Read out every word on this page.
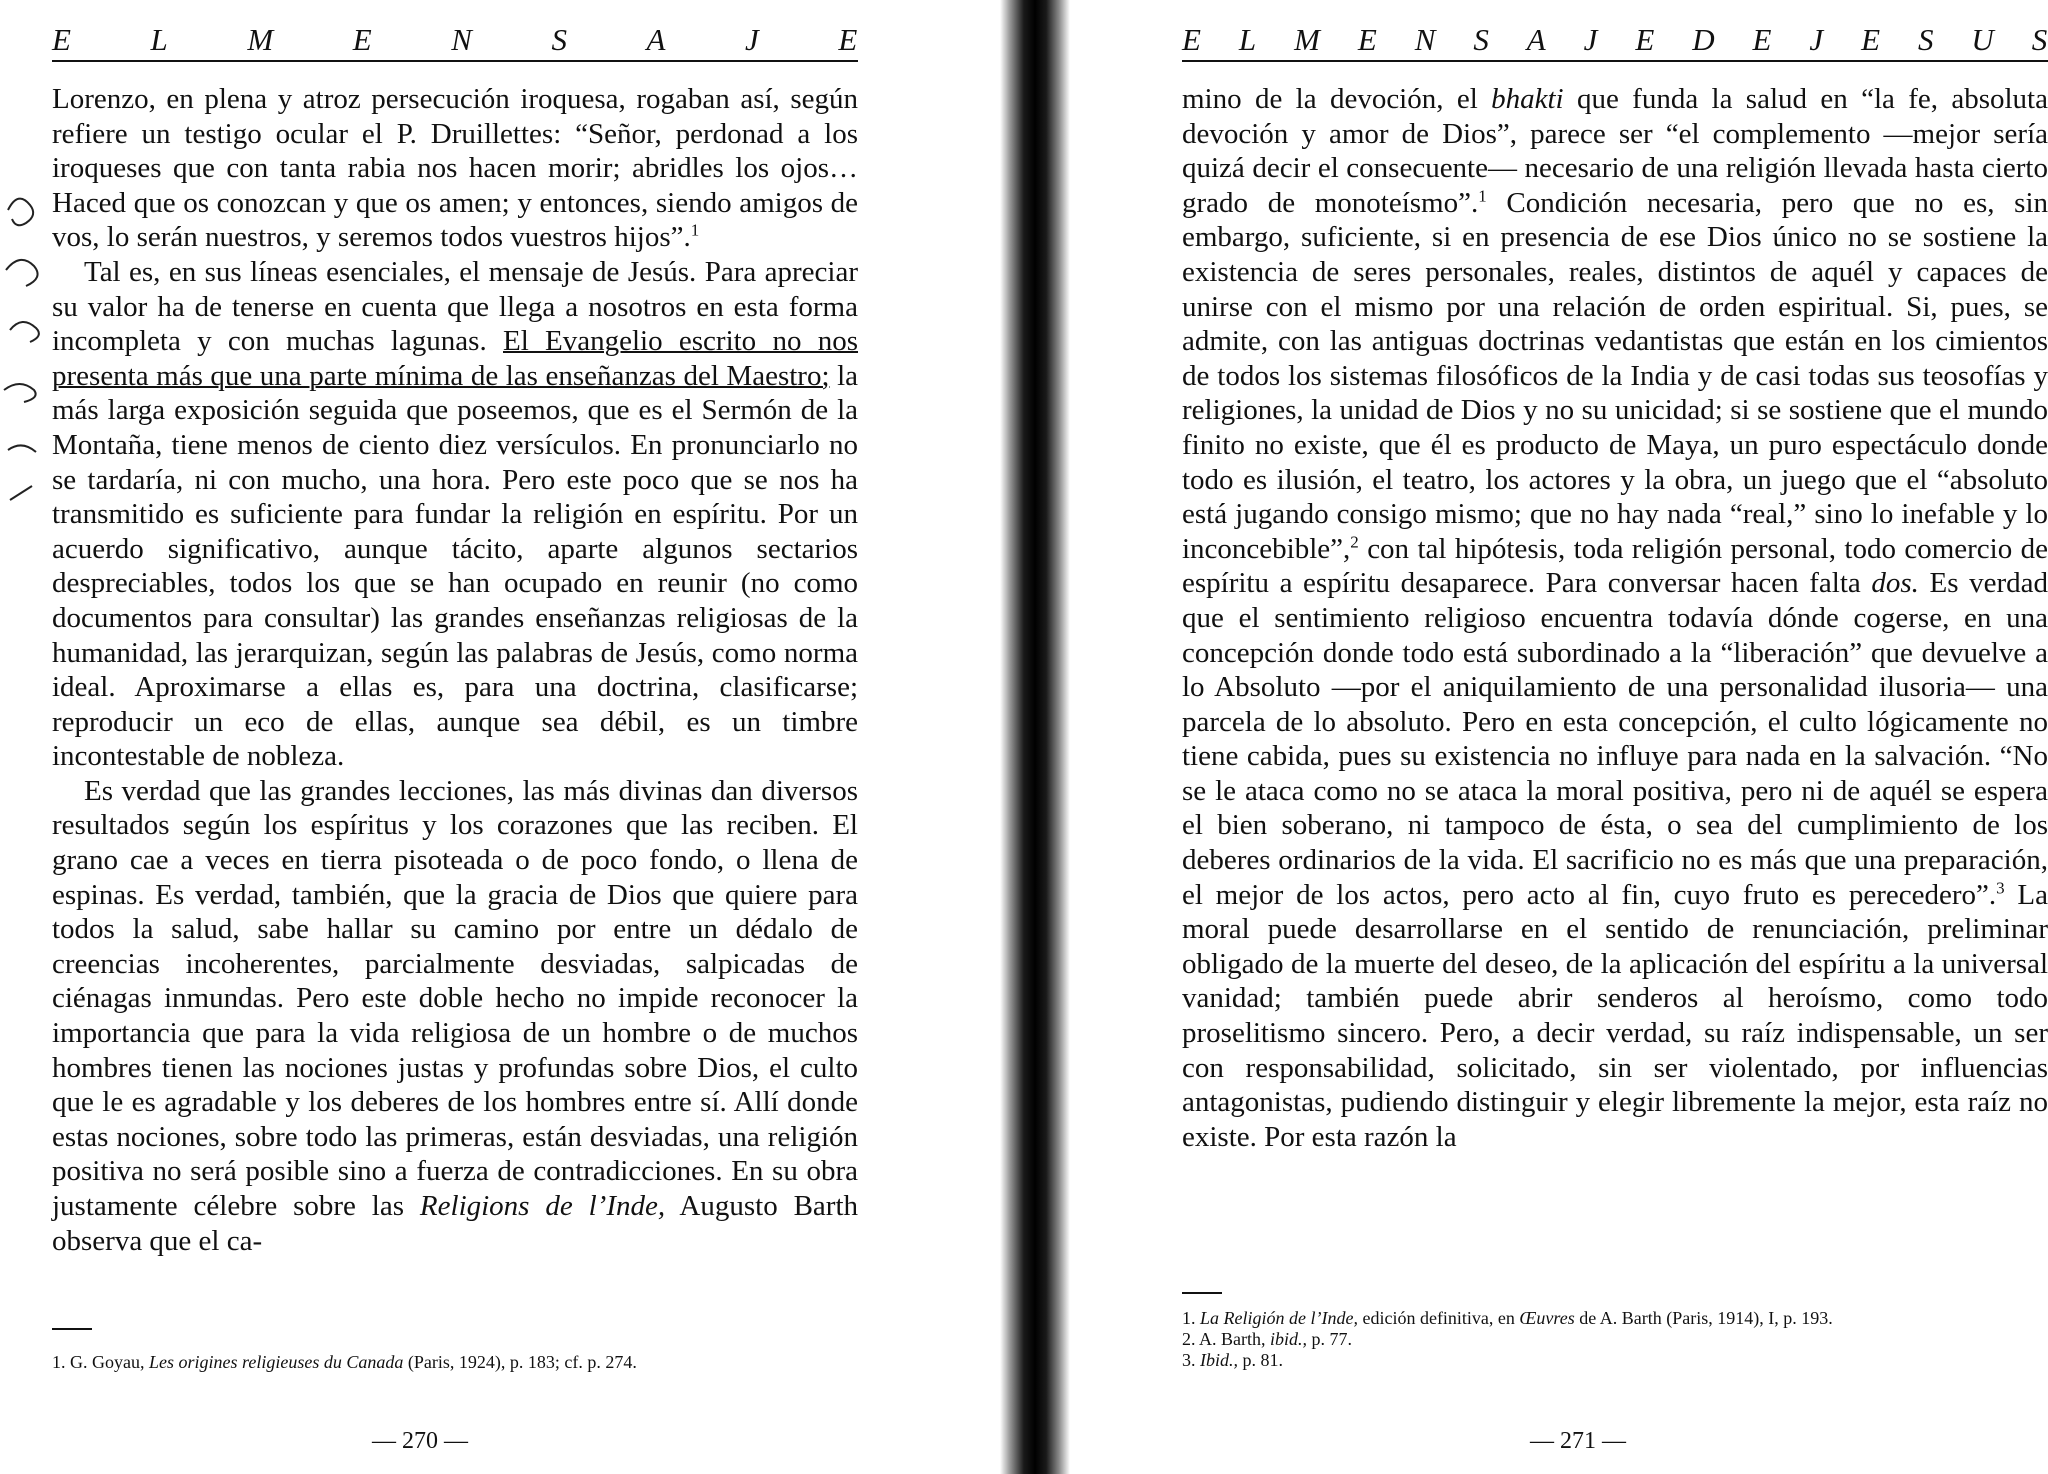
E	L	M	E	N	S	A	J	E

Lorenzo, en plena y atroz persecución iroquesa, rogaban así, según refiere un testigo ocular el P. Druillettes: “Señor, perdonad a los iroqueses que con tanta rabia nos hacen morir; abridles los ojos… Haced que os conozcan y que os amen; y entonces, siendo amigos de vos, lo serán nuestros, y seremos todos vuestros hijos”.$^1$

Tal es, en sus líneas esenciales, el mensaje de Jesús. Para apreciar su valor ha de tenerse en cuenta que llega a nosotros en esta forma incompleta y con muchas lagunas. El Evangelio escrito no nos presenta más que una parte mínima de las enseñanzas del Maestro; la más larga exposición seguida que poseemos, que es el Sermón de la Montaña, tiene menos de ciento diez versículos. En pronunciarlo no se tardaría, ni con mucho, una hora. Pero este poco que se nos ha transmitido es suficiente para fundar la religión en espíritu. Por un acuerdo significativo, aunque tácito, aparte algunos sectarios despreciables, todos los que se han ocupado en reunir (no como documentos para consultar) las grandes enseñanzas religiosas de la humanidad, las jerarquizan, según las palabras de Jesús, como norma ideal. Aproximarse a ellas es, para una doctrina, clasificarse; reproducir un eco de ellas, aunque sea débil, es un timbre incontestable de nobleza.

Es verdad que las grandes lecciones, las más divinas dan diversos resultados según los espíritus y los corazones que las reciben. El grano cae a veces en tierra pisoteada o de poco fondo, o llena de espinas. Es verdad, también, que la gracia de Dios que quiere para todos la salud, sabe hallar su camino por entre un dédalo de creencias incoherentes, parcialmente desviadas, salpicadas de ciénagas inmundas. Pero este doble hecho no impide reconocer la importancia que para la vida religiosa de un hombre o de muchos hombres tienen las nociones justas y profundas sobre Dios, el culto que le es agradable y los deberes de los hombres entre sí. Allí donde estas nociones, sobre todo las primeras, están desviadas, una religión positiva no será posible sino a fuerza de contradicciones. En su obra justamente célebre sobre las Religions de l’Inde, Augusto Barth observa que el ca-

1. G. Goyau, Les origines religieuses du Canada (Paris, 1924), p. 183; cf. p. 274.

— 270 —
E L M E N S A J E D E J E S U S

mino de la devoción, el bhakti que funda la salud en “la fe, absoluta devoción y amor de Dios”, parece ser “el complemento —mejor sería quizá decir el consecuente— necesario de una religión llevada hasta cierto grado de monoteísmo”.$^1$ Condición necesaria, pero que no es, sin embargo, suficiente, si en presencia de ese Dios único no se sostiene la existencia de seres personales, reales, distintos de aquél y capaces de unirse con el mismo por una relación de orden espiritual. Si, pues, se admite, con las antiguas doctrinas vedantistas que están en los cimientos de todos los sistemas filosóficos de la India y de casi todas sus teosofías y religiones, la unidad de Dios y no su unicidad; si se sostiene que el mundo finito no existe, que él es producto de Maya, un puro espectáculo donde todo es ilusión, el teatro, los actores y la obra, un juego que el “absoluto está jugando consigo mismo; que no hay nada “real,” sino lo inefable y lo inconcebible”,$^2$ con tal hipótesis, toda religión personal, todo comercio de espíritu a espíritu desaparece. Para conversar hacen falta dos. Es verdad que el sentimiento religioso encuentra todavía dónde cogerse, en una concepción donde todo está subordinado a la “liberación” que devuelve a lo Absoluto —por el aniquilamiento de una personalidad ilusoria— una parcela de lo absoluto. Pero en esta concepción, el culto lógicamente no tiene cabida, pues su existencia no influye para nada en la salvación. “No se le ataca como no se ataca la moral positiva, pero ni de aquél se espera el bien soberano, ni tampoco de ésta, o sea del cumplimiento de los deberes ordinarios de la vida. El sacrificio no es más que una preparación, el mejor de los actos, pero acto al fin, cuyo fruto es perecedero”.$^3$ La moral puede desarrollarse en el sentido de renunciación, preliminar obligado de la muerte del deseo, de la aplicación del espíritu a la universal vanidad; también puede abrir senderos al heroísmo, como todo proselitismo sincero. Pero, a decir verdad, su raíz indispensable, un ser con responsabilidad, solicitado, sin ser violentado, por influencias antagonistas, pudiendo distinguir y elegir libremente la mejor, esta raíz no existe. Por esta razón la

1. La Religión de l’Inde, edición definitiva, en Œuvres de A. Barth (Paris, 1914), I, p. 193.

2. A. Barth, ibid., p. 77.

3. Ibid., p. 81.

— 271 —
